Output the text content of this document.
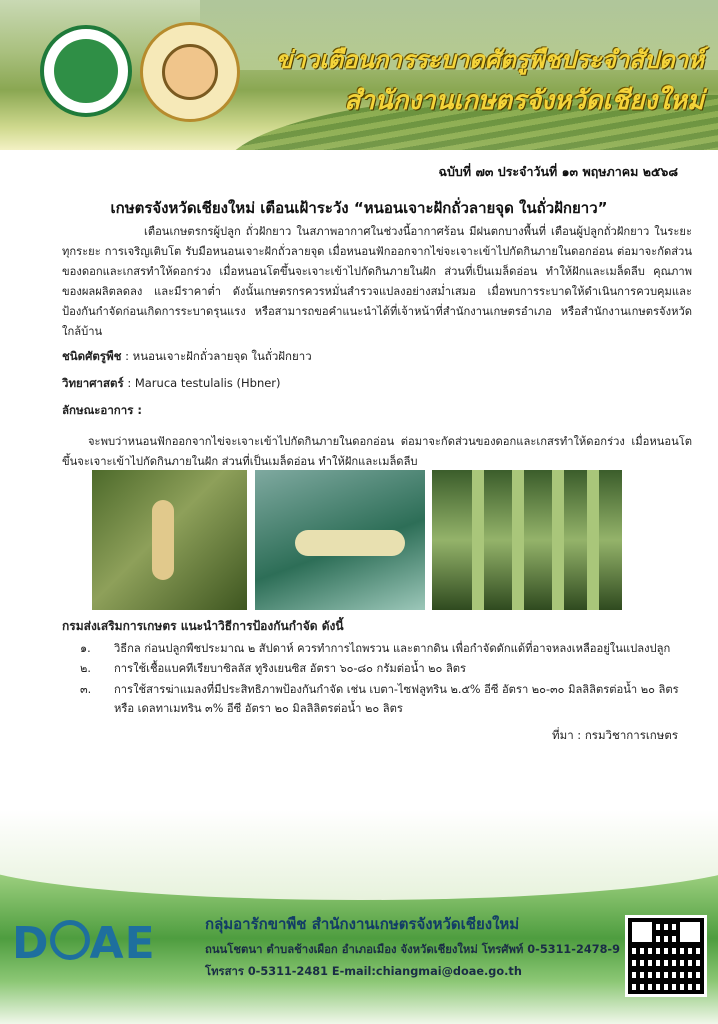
ข่าวเตือนการระบาดศัตรูพืชประจำสัปดาห์
สำนักงานเกษตรจังหวัดเชียงใหม่
ฉบับที่ ๗๓ ประจำวันที่ ๑๓ พฤษภาคม ๒๕๖๘
เกษตรจังหวัดเชียงใหม่ เตือนเฝ้าระวัง “หนอนเจาะฝักถั่วลายจุด ในถั่วฝักยาว”
เตือนเกษตรกรผู้ปลูก ถั่วฝักยาว ในสภาพอากาศในช่วงนี้อากาศร้อน มีฝนตกบางพื้นที่ เตือนผู้ปลูกถั่วฝักยาว ในระยะ ทุกระยะ การเจริญเติบโต รับมือหนอนเจาะฝักถั่วลายจุด เมื่อหนอนฟักออกจากไข่จะเจาะเข้าไปกัดกินภายในดอกอ่อน ต่อมาจะกัดส่วนของดอกและเกสรทำให้ดอกร่วง เมื่อหนอนโตขึ้นจะเจาะเข้าไปกัดกินภายในฝัก ส่วนที่เป็นเมล็ดอ่อน ทำให้ฝักและเมล็ดลีบ คุณภาพของผลผลิตลดลง และมีราคาต่ำ ดังนั้นเกษตรกรควรหมั่นสำรวจแปลงอย่างสม่ำเสมอ เมื่อพบการระบาดให้ดำเนินการควบคุมและป้องกันกำจัดก่อนเกิดการระบาดรุนแรง หรือสามารถขอคำแนะนำได้ที่เจ้าหน้าที่สำนักงานเกษตรอำเภอ หรือสำนักงานเกษตรจังหวัดใกล้บ้าน
ชนิดศัตรูพืช : หนอนเจาะฝักถั่วลายจุด ในถั่วฝักยาว
วิทยาศาสตร์ : Maruca testulalis (Hbner)
ลักษณะอาการ :
จะพบว่าหนอนฟักออกจากไข่จะเจาะเข้าไปกัดกินภายในดอกอ่อน ต่อมาจะกัดส่วนของดอกและเกสรทำให้ดอกร่วง เมื่อหนอนโตขึ้นจะเจาะเข้าไปกัดกินภายในฝัก ส่วนที่เป็นเมล็ดอ่อน ทำให้ฝักและเมล็ดลีบ
กรมส่งเสริมการเกษตร แนะนำวิธีการป้องกันกำจัด ดังนี้
๑. วิธีกล ก่อนปลูกพืชประมาณ ๒ สัปดาห์ ควรทำการไถพรวน และตากดิน เพื่อกำจัดดักแด้ที่อาจหลงเหลืออยู่ในแปลงปลูก
๒. การใช้เชื้อแบคทีเรียบาซิลลัส ทูริงเยนซิส อัตรา ๖๐-๘๐ กรัมต่อน้ำ ๒๐ ลิตร
๓. การใช้สารฆ่าแมลงที่มีประสิทธิภาพป้องกันกำจัด เช่น เบตา-ไซฟลูทริน ๒.๕% อีซี อัตรา ๒๐-๓๐ มิลลิลิตรต่อน้ำ ๒๐ ลิตร
หรือ เดลทาเมทริน ๓% อีซี อัตรา ๒๐ มิลลิลิตรต่อน้ำ ๒๐ ลิตร
ที่มา : กรมวิชาการเกษตร
D AE	กลุ่มอารักขาพืช สำนักงานเกษตรจังหวัดเชียงใหม่
ถนนโชตนา ตำบลช้างเผือก อำเภอเมือง จังหวัดเชียงใหม่ โทรศัพท์ 0-5311-2478-9
โทรสาร 0-5311-2481 E-mail:chiangmai@doae.go.th
